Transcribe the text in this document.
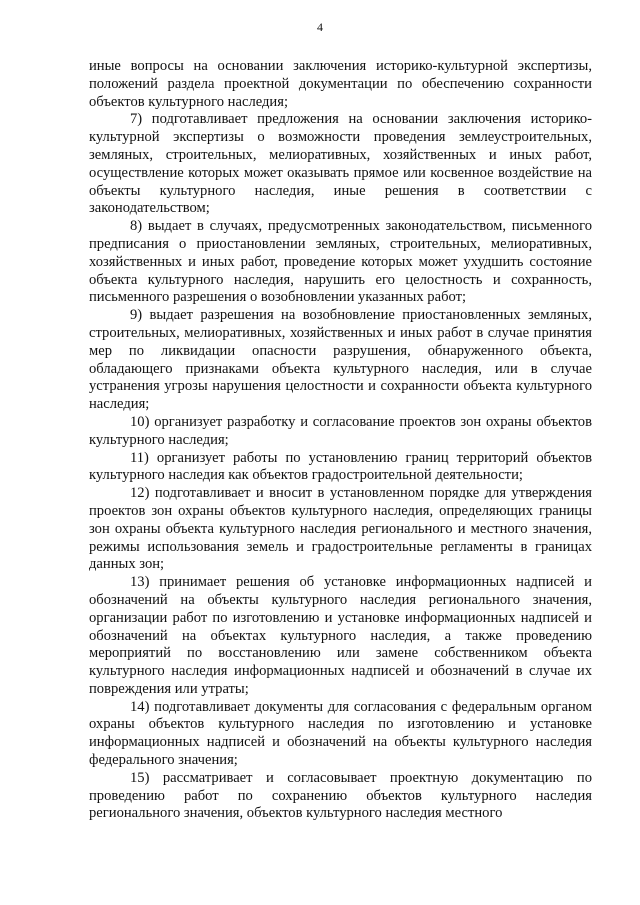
4

иные вопросы на основании заключения историко-культурной экспертизы, положений раздела проектной документации по обеспечению сохранности объектов культурного наследия;

7) подготавливает предложения на основании заключения историко-культурной экспертизы о возможности проведения землеустроительных, земляных, строительных, мелиоративных, хозяйственных и иных работ, осуществление которых может оказывать прямое или косвенное воздействие на объекты культурного наследия, иные решения в соответствии с законодательством;

8) выдает в случаях, предусмотренных законодательством, письменного предписания о приостановлении земляных, строительных, мелиоративных, хозяйственных и иных работ, проведение которых может ухудшить состояние объекта культурного наследия, нарушить его целостность и сохранность, письменного разрешения о возобновлении указанных работ;

9) выдает разрешения на возобновление приостановленных земляных, строительных, мелиоративных, хозяйственных и иных работ в случае принятия мер по ликвидации опасности разрушения, обнаруженного объекта, обладающего признаками объекта культурного наследия, или в случае устранения угрозы нарушения целостности и сохранности объекта культурного наследия;

10) организует разработку и согласование проектов зон охраны объектов культурного наследия;

11) организует работы по установлению границ территорий объектов культурного наследия как объектов градостроительной деятельности;

12) подготавливает и вносит в установленном порядке для утверждения проектов зон охраны объектов культурного наследия, определяющих границы зон охраны объекта культурного наследия регионального и местного значения, режимы использования земель и градостроительные регламенты в границах данных зон;

13) принимает решения об установке информационных надписей и обозначений на объекты культурного наследия регионального значения, организации работ по изготовлению и установке информационных надписей и обозначений на объектах культурного наследия, а также проведению мероприятий по восстановлению или замене собственником объекта культурного наследия информационных надписей и обозначений в случае их повреждения или утраты;

14) подготавливает документы для согласования с федеральным органом охраны объектов культурного наследия по изготовлению и установке информационных надписей и обозначений на объекты культурного наследия федерального значения;

15) рассматривает и согласовывает проектную документацию по проведению работ по сохранению объектов культурного наследия регионального значения, объектов культурного наследия местного
